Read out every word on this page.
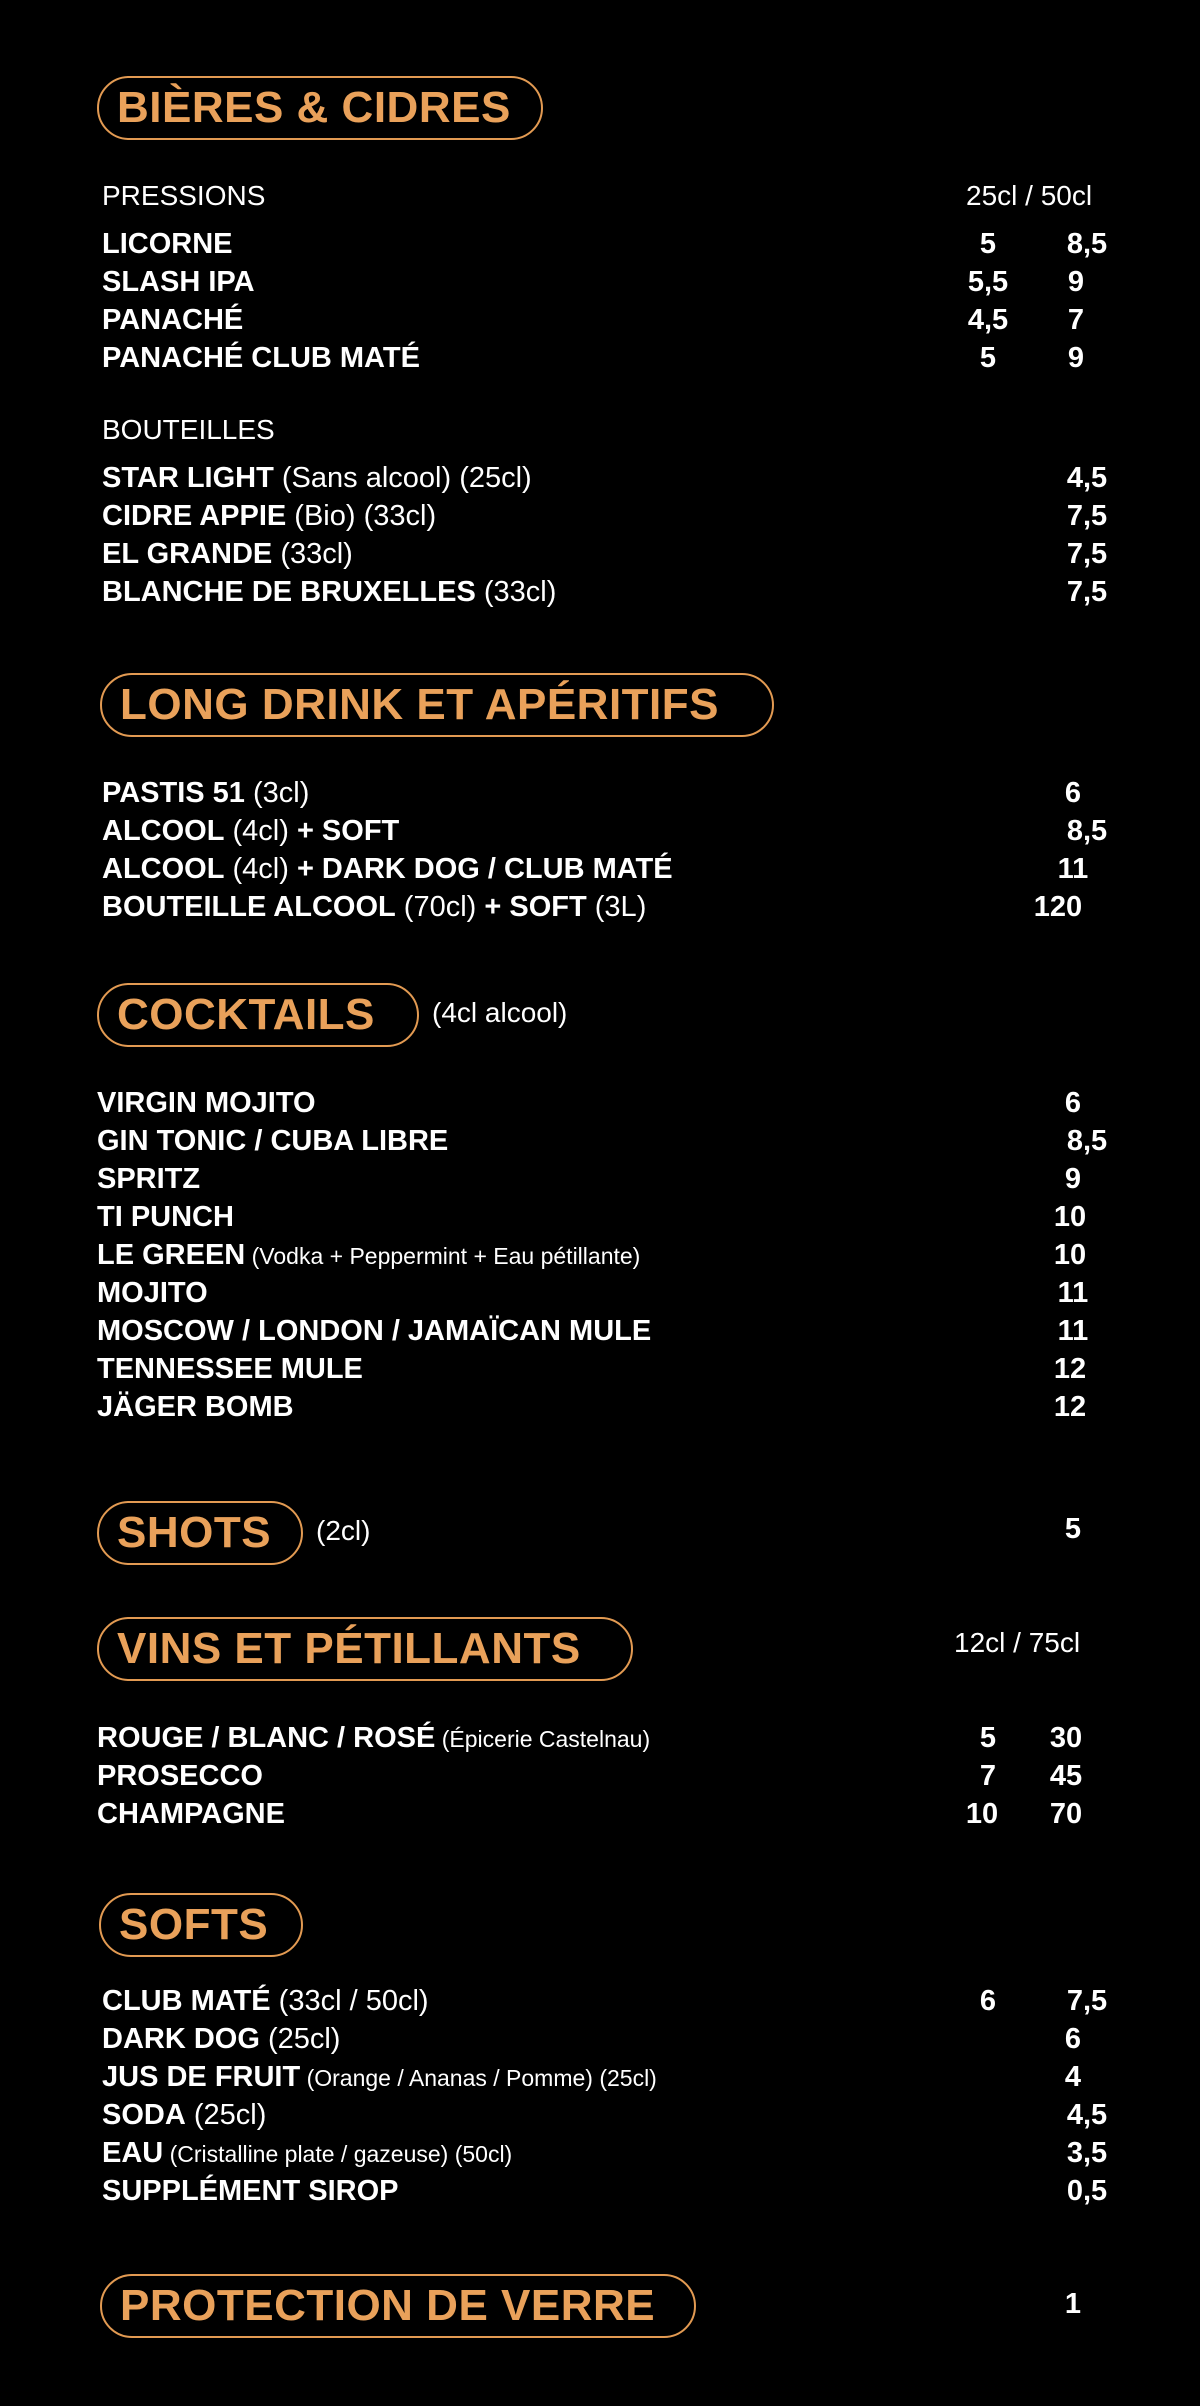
BIÈRES & CIDRES
PRESSIONS	25cl / 50cl
LICORNE	5	8,5
SLASH IPA	5,5	9
PANACHÉ	4,5	7
PANACHÉ CLUB MATÉ	5	9
BOUTEILLES
STAR LIGHT (Sans alcool) (25cl)	4,5
CIDRE APPIE (Bio) (33cl)	7,5
EL GRANDE (33cl)	7,5
BLANCHE DE BRUXELLES (33cl)	7,5
LONG DRINK ET APÉRITIFS
PASTIS 51 (3cl)	6
ALCOOL (4cl) + SOFT	8,5
ALCOOL (4cl) + DARK DOG / CLUB MATÉ	11
BOUTEILLE ALCOOL (70cl) + SOFT (3L)	120
COCKTAILS	(4cl alcool)
VIRGIN MOJITO	6
GIN TONIC / CUBA LIBRE	8,5
SPRITZ	9
TI PUNCH	10
LE GREEN (Vodka + Peppermint + Eau pétillante)	10
MOJITO	11
MOSCOW / LONDON / JAMAÏCAN MULE	11
TENNESSEE MULE	12
JÄGER BOMB	12
SHOTS	(2cl)	5
VINS ET PÉTILLANTS	12cl / 75cl
ROUGE / BLANC / ROSÉ (Épicerie Castelnau)	5	30
PROSECCO	7	45
CHAMPAGNE	10	70
SOFTS
CLUB MATÉ (33cl / 50cl)	6	7,5
DARK DOG (25cl)	6
JUS DE FRUIT (Orange / Ananas / Pomme) (25cl)	4
SODA (25cl)	4,5
EAU (Cristalline plate / gazeuse) (50cl)	3,5
SUPPLÉMENT SIROP	0,5
PROTECTION DE VERRE	1
